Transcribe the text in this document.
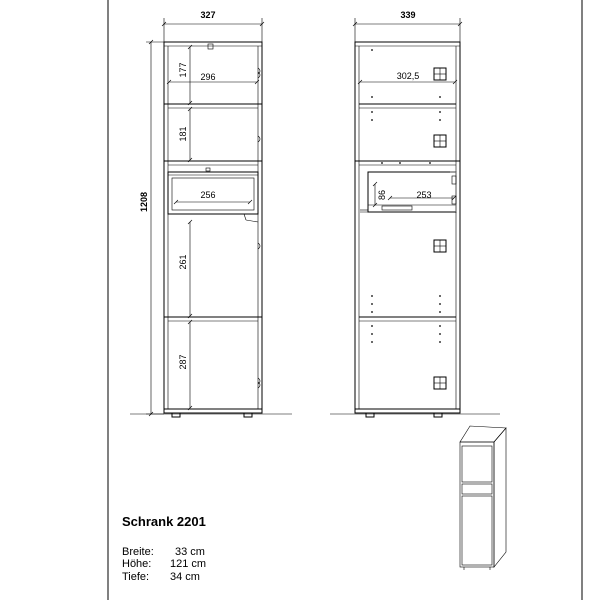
327
1208
296
256
177
181
261
287
339
302,5
253
86
Schrank 2201
Breite: 33 cm
Höhe: 121 cm
Tiefe: 34 cm
